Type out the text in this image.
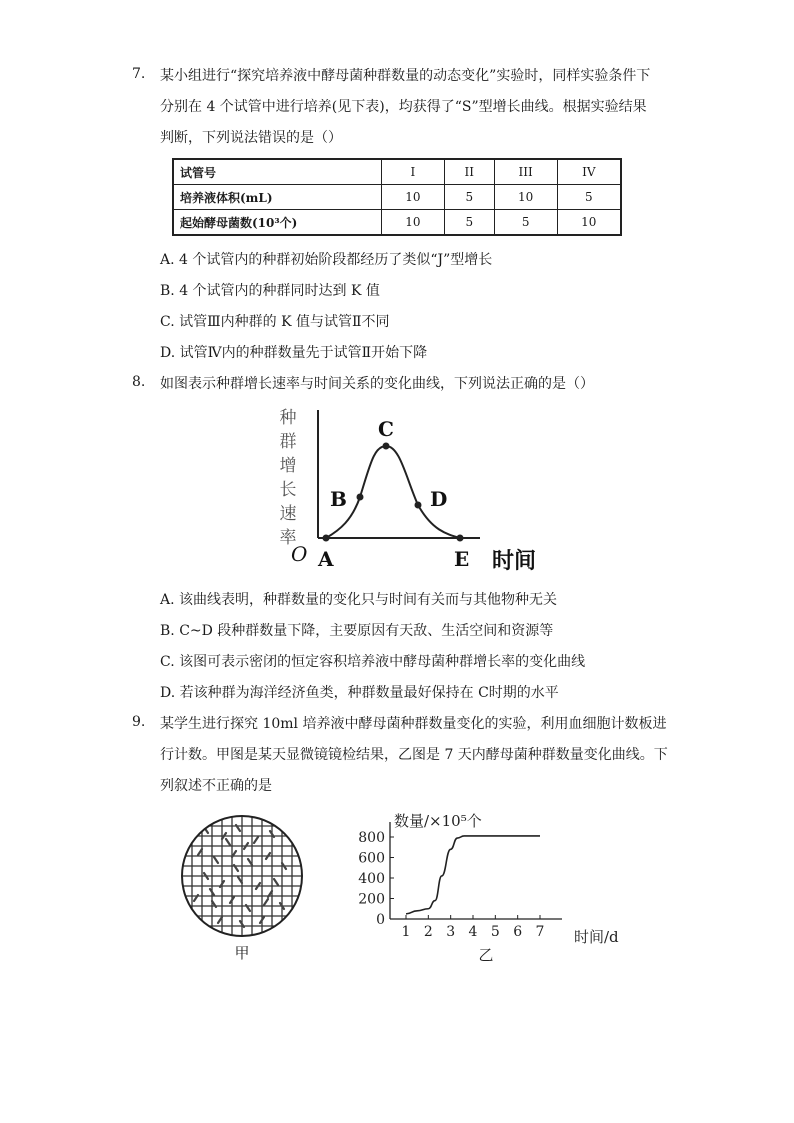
7. 某小组进行“探究培养液中酵母菌种群数量的动态变化”实验时，同样实验条件下
分别在 4 个试管中进行培养(见下表)，均获得了“S”型增长曲线。根据实验结果
判断，下列说法错误的是（）
试管号	I	II	III	IV
培养液体积(mL)	10	5	10	5
起始酵母菌数(10³个)	10	5	5	10
A. 4 个试管内的种群初始阶段都经历了类似“J”型增长
B. 4 个试管内的种群同时达到 K 值
C. 试管Ⅲ内种群的 K 值与试管Ⅱ不同
D. 试管Ⅳ内的种群数量先于试管Ⅱ开始下降
8. 如图表示种群增长速率与时间关系的变化曲线，下列说法正确的是（）
种
群
增
长
速
率
O A
B
C
D
E 时间
A. 该曲线表明，种群数量的变化只与时间有关而与其他物种无关
B. C~D 段种群数量下降，主要原因有天敌、生活空间和资源等
C. 该图可表示密闭的恒定容积培养液中酵母菌种群增长率的变化曲线
D. 若该种群为海洋经济鱼类，种群数量最好保持在 C时期的水平
9. 某学生进行探究 10ml 培养液中酵母菌种群数量变化的实验，利用血细胞计数板进
行计数。甲图是某天显微镜镜检结果，乙图是 7 天内酵母菌种群数量变化曲线。下
列叙述不正确的是
甲
数量/×10⁵个
时间/d
乙
0
200
400
600
800
1 2 3 4 5 6 7
